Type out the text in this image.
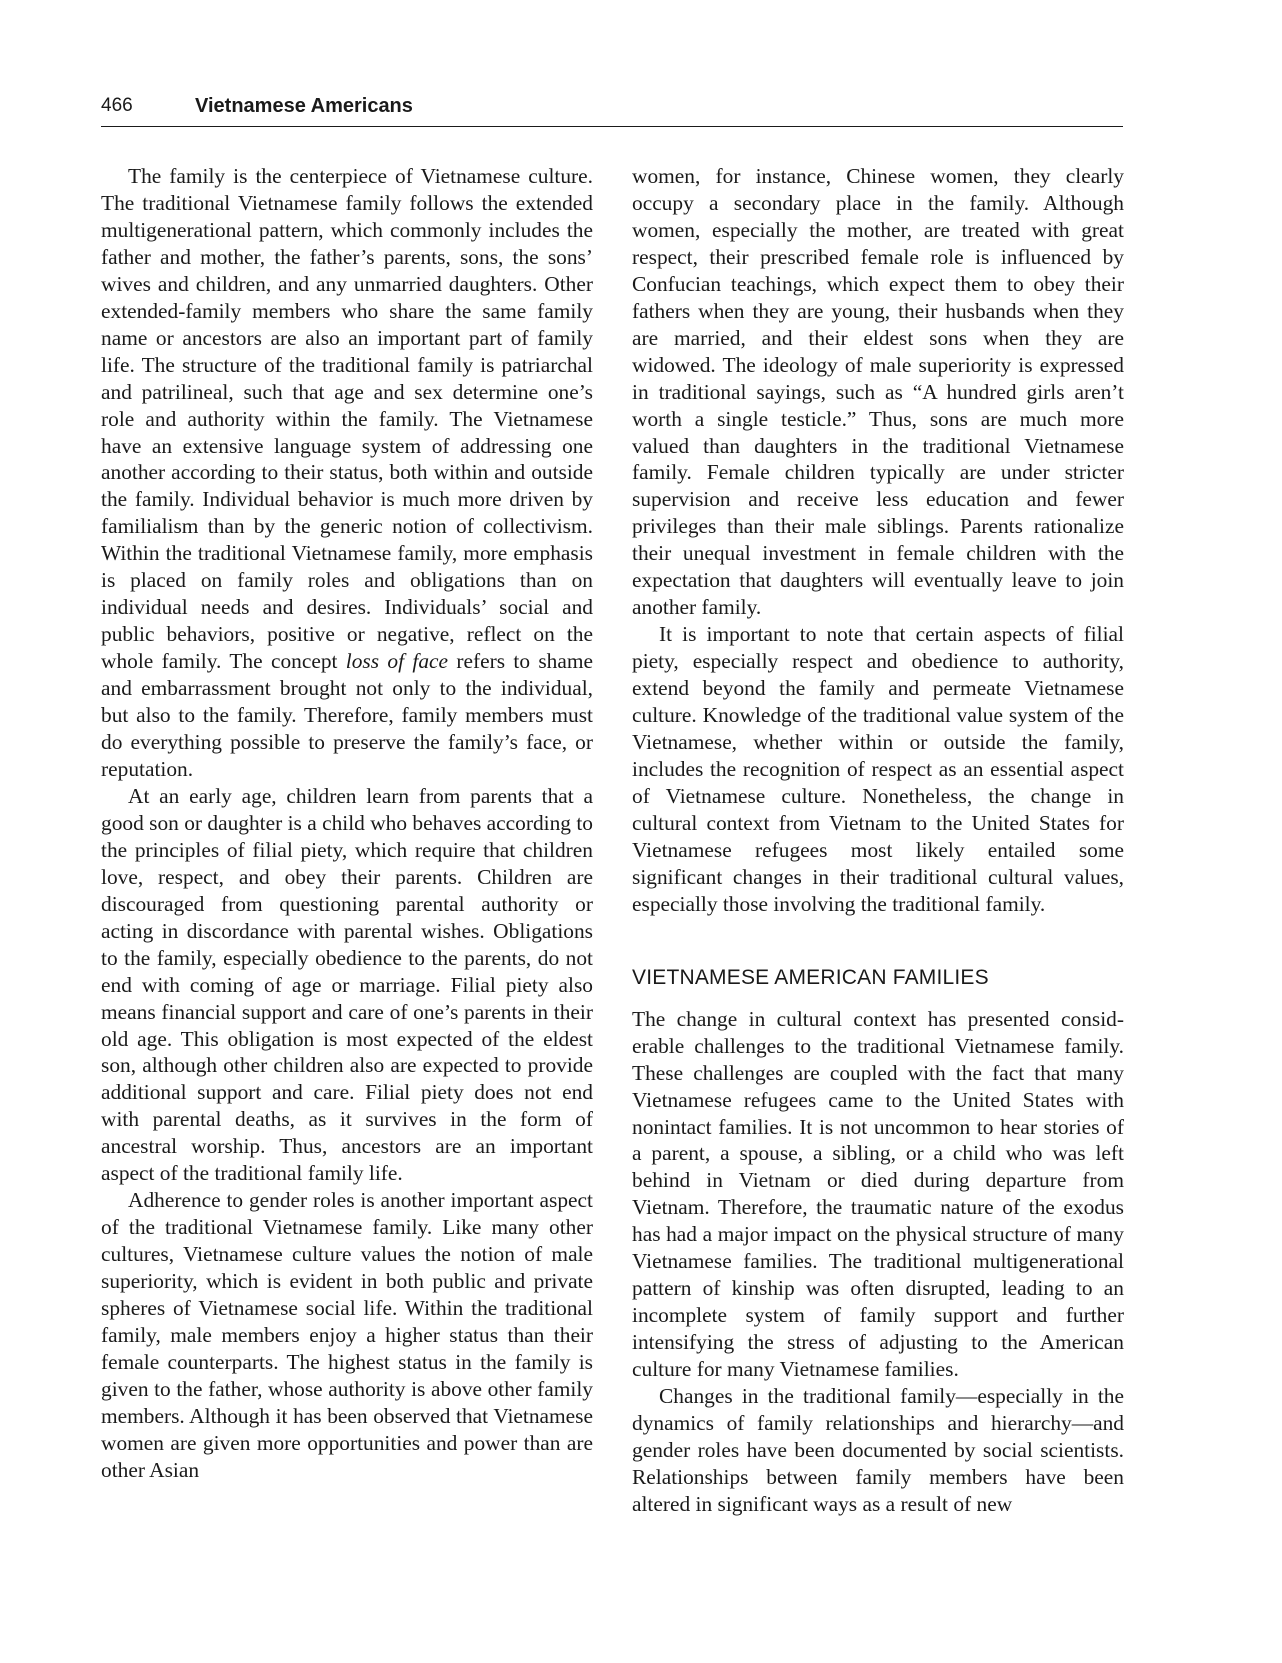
466	Vietnamese Americans

The family is the centerpiece of Vietnamese culture. The traditional Vietnamese family follows the extended multigenerational pattern, which commonly includes the father and mother, the father’s parents, sons, the sons’ wives and children, and any unmarried daughters. Other extended-family members who share the same family name or ancestors are also an important part of family life. The structure of the traditional family is patriarchal and patrilineal, such that age and sex determine one’s role and authority within the family. The Vietnamese have an extensive language system of addressing one another according to their status, both within and outside the family. Individual behavior is much more driven by familialism than by the generic notion of collectivism. Within the traditional Vietnamese family, more emphasis is placed on family roles and obligations than on individual needs and desires. Individuals’ social and public behaviors, positive or negative, reflect on the whole family. The concept loss of face refers to shame and embarrassment brought not only to the individual, but also to the family. Therefore, family members must do everything possible to preserve the family’s face, or reputation.

At an early age, children learn from parents that a good son or daughter is a child who behaves according to the principles of filial piety, which require that children love, respect, and obey their parents. Children are discouraged from questioning parental authority or acting in discordance with parental wishes. Obligations to the family, especially obedience to the parents, do not end with coming of age or marriage. Filial piety also means financial support and care of one’s parents in their old age. This obligation is most expected of the eldest son, although other children also are expected to provide additional support and care. Filial piety does not end with parental deaths, as it survives in the form of ancestral worship. Thus, ancestors are an important aspect of the traditional family life.

Adherence to gender roles is another important aspect of the traditional Vietnamese family. Like many other cultures, Vietnamese culture values the notion of male superiority, which is evident in both public and private spheres of Vietnamese social life. Within the traditional family, male members enjoy a higher status than their female counterparts. The highest status in the family is given to the father, whose authority is above other family members. Although it has been observed that Vietnamese women are given more opportunities and power than are other Asian

women, for instance, Chinese women, they clearly occupy a secondary place in the family. Although women, especially the mother, are treated with great respect, their prescribed female role is influenced by Confucian teachings, which expect them to obey their fathers when they are young, their husbands when they are married, and their eldest sons when they are widowed. The ideology of male superiority is expressed in traditional sayings, such as “A hundred girls aren’t worth a single testicle.” Thus, sons are much more valued than daughters in the traditional Vietnamese family. Female children typically are under stricter supervision and receive less education and fewer privileges than their male siblings. Parents rationalize their unequal investment in female children with the expectation that daughters will eventually leave to join another family.

It is important to note that certain aspects of filial piety, especially respect and obedience to authority, extend beyond the family and permeate Vietnamese culture. Knowledge of the traditional value system of the Vietnamese, whether within or outside the family, includes the recognition of respect as an essential aspect of Vietnamese culture. Nonetheless, the change in cultural context from Vietnam to the United States for Vietnamese refugees most likely entailed some significant changes in their traditional cultural values, especially those involving the traditional family.

VIETNAMESE AMERICAN FAMILIES

The change in cultural context has presented considerable challenges to the traditional Vietnamese family. These challenges are coupled with the fact that many Vietnamese refugees came to the United States with nonintact families. It is not uncommon to hear stories of a parent, a spouse, a sibling, or a child who was left behind in Vietnam or died during departure from Vietnam. Therefore, the traumatic nature of the exodus has had a major impact on the physical structure of many Vietnamese families. The traditional multigenerational pattern of kinship was often disrupted, leading to an incomplete system of family support and further intensifying the stress of adjusting to the American culture for many Vietnamese families.

Changes in the traditional family—especially in the dynamics of family relationships and hierarchy—and gender roles have been documented by social scientists. Relationships between family members have been altered in significant ways as a result of new
